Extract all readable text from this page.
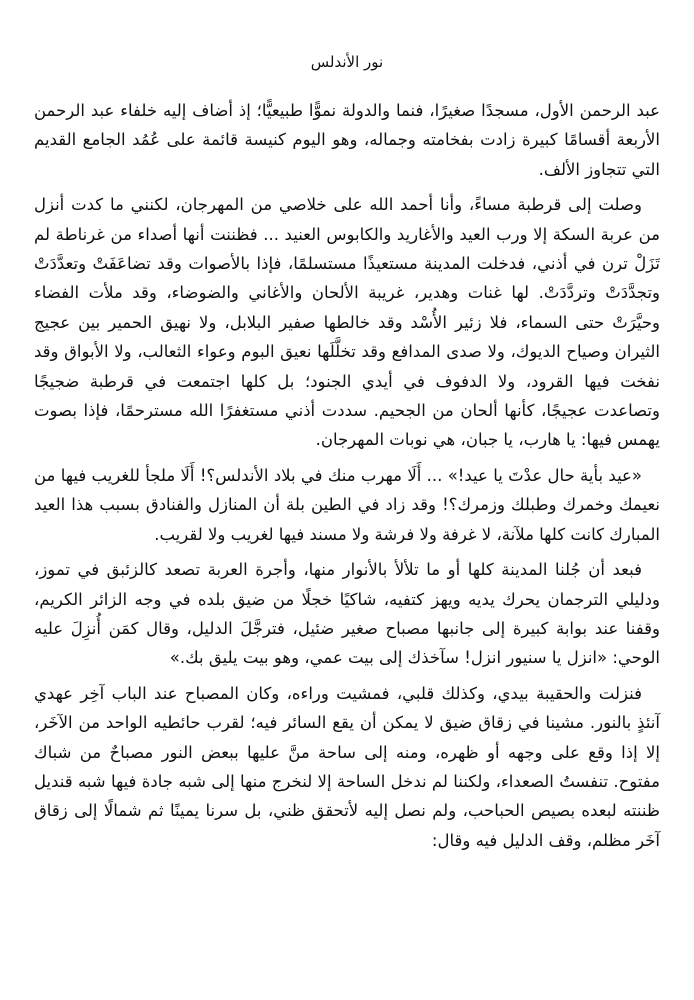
نور الأندلس

عبد الرحمن الأول، مسجدًا صغيرًا، فنما والدولة نموًّا طبيعيًّا؛ إذ أضاف إليه خلفاء عبد الرحمن الأربعة أقسامًا كبيرة زادت بفخامته وجماله، وهو اليوم كنيسة قائمة على عُمُد الجامع القديم التي تتجاوز الألف.

وصلت إلى قرطبة مساءً، وأنا أحمد الله على خلاصي من المهرجان، لكنني ما كدت أنزل من عربة السكة إلا ورب العيد والأغاريد والكابوس العنيد ... فظننت أنها أصداء من غرناطة لم تَزَلْ ترن في أذني، فدخلت المدينة مستعيذًا مستسلمًا، فإذا بالأصوات وقد تضاعَفَتْ وتعدَّدَتْ وتجدَّدَتْ وتردَّدَتْ. لها غنات وهدير، غريبة الألحان والأغاني والضوضاء، وقد ملأت الفضاء وحيَّرَتْ حتى السماء، فلا زئير الأُسْد وقد خالطها صفير البلابل، ولا نهيق الحمير بين عجيج الثيران وصياح الديوك، ولا صدى المدافع وقد تخلَّلَها نعيق البوم وعواء الثعالب، ولا الأبواق وقد نفخت فيها القرود، ولا الدفوف في أيدي الجنود؛ بل كلها اجتمعت في قرطبة ضجيجًا وتصاعدت عجيجًا، كأنها ألحان من الجحيم. سددت أذني مستغفرًا الله مسترحمًا، فإذا بصوت يهمس فيها: يا هارب، يا جبان، هي نوبات المهرجان.

«عيد بأية حال عدْتَ يا عيد!» ... أَلَا مهرب منك في بلاد الأندلس؟! أَلَا ملجأ للغريب فيها من نعيمك وخمرك وطبلك وزمرك؟! وقد زاد في الطين بلة أن المنازل والفنادق بسبب هذا العيد المبارك كانت كلها ملآنة، لا غرفة ولا فرشة ولا مسند فيها لغريب ولا لقريب.

فبعد أن جُلنا المدينة كلها أو ما تلألأ بالأنوار منها، وأجرة العربة تصعد كالزئبق في تموز، ودليلي الترجمان يحرك يديه ويهز كتفيه، شاكيًا خجلًا من ضيق بلده في وجه الزائر الكريم، وقفنا عند بوابة كبيرة إلى جانبها مصباح صغير ضئيل، فترجَّلَ الدليل، وقال كمَن أُنزِلَ عليه الوحي: «انزل يا سنيور انزل! سآخذك إلى بيت عمي، وهو بيت يليق بك.»

فنزلت والحقيبة بيدي، وكذلك قلبي، فمشيت وراءه، وكان المصباح عند الباب آخِر عهدي آنئذٍ بالنور. مشينا في زقاق ضيق لا يمكن أن يقع السائر فيه؛ لقرب حائطيه الواحد من الآخَر، إلا إذا وقع على وجهه أو ظهره، ومنه إلى ساحة منَّ عليها ببعض النور مصباحٌ من شباك مفتوح. تنفستُ الصعداء، ولكننا لم ندخل الساحة إلا لنخرج منها إلى شبه جادة فيها شبه قنديل ظننته لبعده بصيص الحباحب، ولم نصل إليه لأتحقق ظني، بل سرنا يمينًا ثم شمالًا إلى زقاق آخَر مظلم، وقف الدليل فيه وقال:
